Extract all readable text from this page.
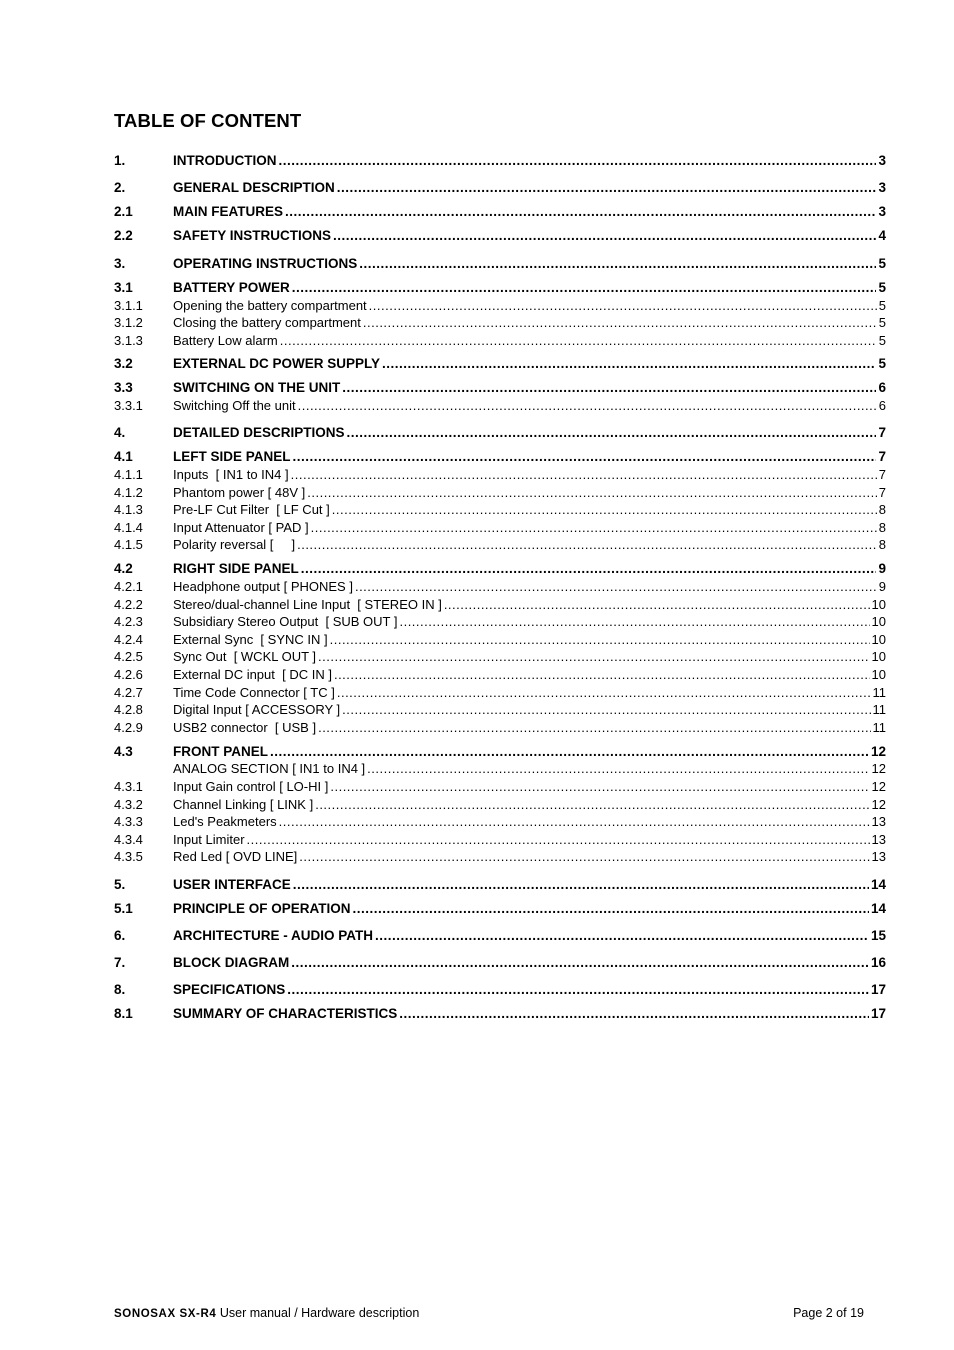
TABLE OF CONTENT
1.	INTRODUCTION .....	3
2.	GENERAL DESCRIPTION .....	3
2.1	MAIN FEATURES .....	3
2.2	SAFETY INSTRUCTIONS .....	4
3.	OPERATING INSTRUCTIONS .....	5
3.1	BATTERY POWER .....	5
3.1.1	Opening the battery compartment .....	5
3.1.2	Closing the battery compartment .....	5
3.1.3	Battery Low alarm .....	5
3.2	EXTERNAL DC POWER SUPPLY .....	5
3.3	SWITCHING ON THE UNIT .....	6
3.3.1	Switching Off the unit .....	6
4.	DETAILED DESCRIPTIONS .....	7
4.1	LEFT SIDE PANEL .....	7
4.1.1	Inputs  [ IN1 to IN4 ] .....	7
4.1.2	Phantom power [ 48V ] .....	7
4.1.3	Pre-LF Cut Filter  [ LF Cut ] .....	8
4.1.4	Input Attenuator [ PAD ] .....	8
4.1.5	Polarity reversal [     ] .....	8
4.2	RIGHT SIDE PANEL .....	9
4.2.1	Headphone output [ PHONES ] .....	9
4.2.2	Stereo/dual-channel Line Input  [ STEREO IN ] .....	10
4.2.3	Subsidiary Stereo Output  [ SUB OUT ] .....	10
4.2.4	External Sync  [ SYNC IN ] .....	10
4.2.5	Sync Out  [ WCKL OUT ] .....	10
4.2.6	External DC input  [ DC IN ] .....	10
4.2.7	Time Code Connector [ TC ] .....	11
4.2.8	Digital Input [ ACCESSORY ] .....	11
4.2.9	USB2 connector  [ USB ] .....	11
4.3	FRONT PANEL .....	12
ANALOG SECTION [ IN1 to IN4 ] .....	12
4.3.1	Input Gain control [ LO-HI ] .....	12
4.3.2	Channel Linking [ LINK ] .....	12
4.3.3	Led's Peakmeters .....	13
4.3.4	Input Limiter .....	13
4.3.5	Red Led [ OVD LINE] .....	13
5.	USER INTERFACE .....	14
5.1	PRINCIPLE OF OPERATION .....	14
6.	ARCHITECTURE - AUDIO PATH .....	15
7.	BLOCK DIAGRAM .....	16
8.	SPECIFICATIONS .....	17
8.1	SUMMARY OF CHARACTERISTICS .....	17
SONOSAX SX-R4 User manual / Hardware description	Page 2 of 19
